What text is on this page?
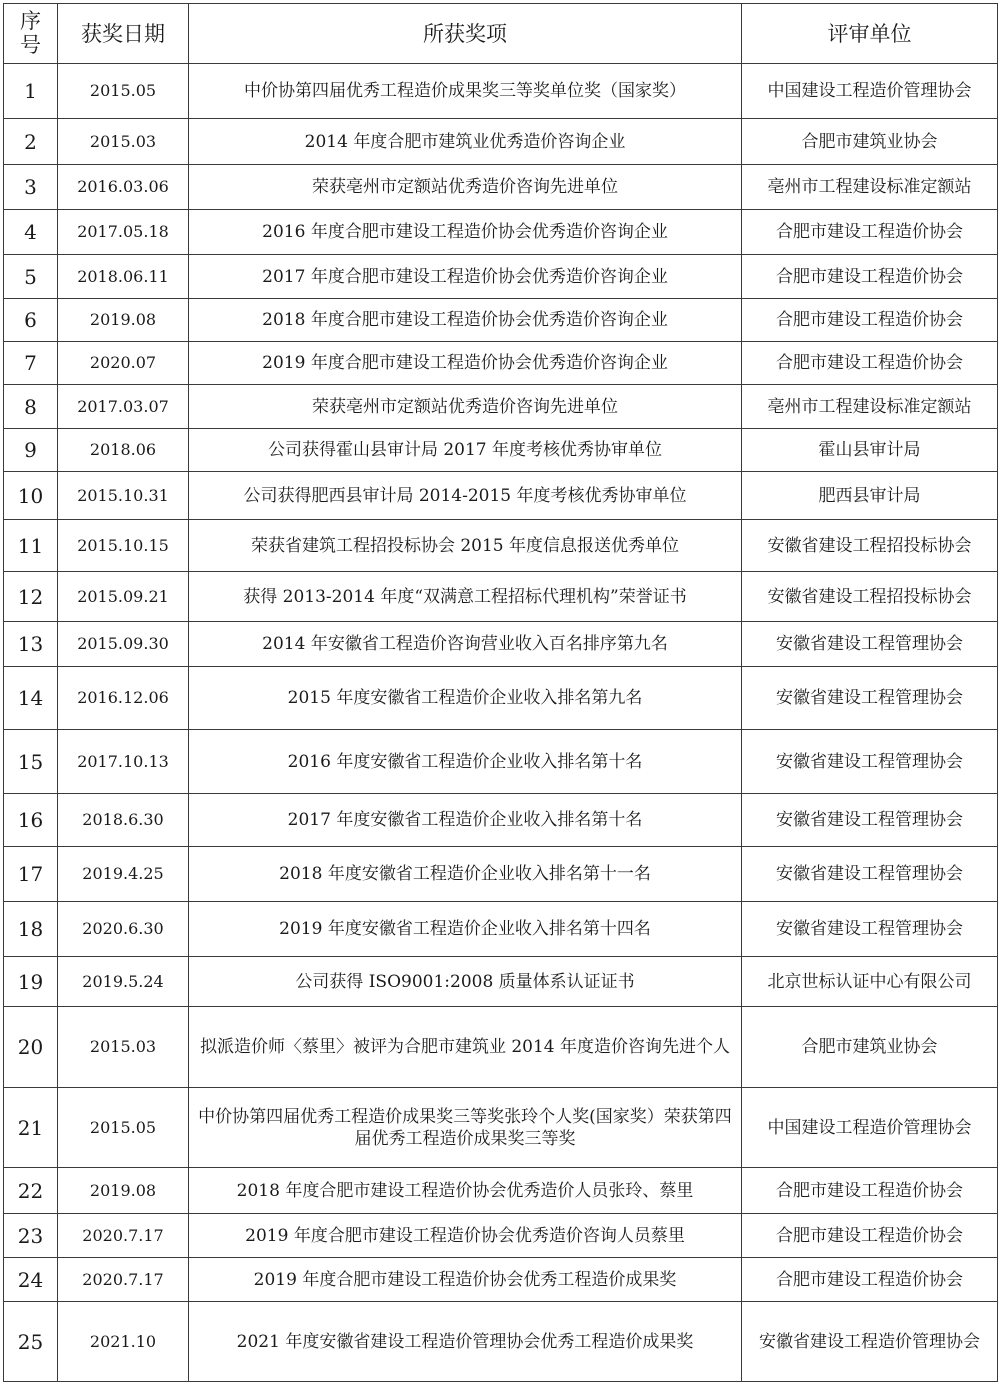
序号	获奖日期	所获奖项	评审单位
1	2015.05	中价协第四届优秀工程造价成果奖三等奖单位奖（国家奖）	中国建设工程造价管理协会
2	2015.03	2014 年度合肥市建筑业优秀造价咨询企业	合肥市建筑业协会
3	2016.03.06	荣获亳州市定额站优秀造价咨询先进单位	亳州市工程建设标准定额站
4	2017.05.18	2016 年度合肥市建设工程造价协会优秀造价咨询企业	合肥市建设工程造价协会
5	2018.06.11	2017 年度合肥市建设工程造价协会优秀造价咨询企业	合肥市建设工程造价协会
6	2019.08	2018 年度合肥市建设工程造价协会优秀造价咨询企业	合肥市建设工程造价协会
7	2020.07	2019 年度合肥市建设工程造价协会优秀造价咨询企业	合肥市建设工程造价协会
8	2017.03.07	荣获亳州市定额站优秀造价咨询先进单位	亳州市工程建设标准定额站
9	2018.06	公司获得霍山县审计局 2017 年度考核优秀协审单位	霍山县审计局
10	2015.10.31	公司获得肥西县审计局 2014-2015 年度考核优秀协审单位	肥西县审计局
11	2015.10.15	荣获省建筑工程招投标协会 2015 年度信息报送优秀单位	安徽省建设工程招投标协会
12	2015.09.21	获得 2013-2014 年度“双满意工程招标代理机构”荣誉证书	安徽省建设工程招投标协会
13	2015.09.30	2014 年安徽省工程造价咨询营业收入百名排序第九名	安徽省建设工程管理协会
14	2016.12.06	2015 年度安徽省工程造价企业收入排名第九名	安徽省建设工程管理协会
15	2017.10.13	2016 年度安徽省工程造价企业收入排名第十名	安徽省建设工程管理协会
16	2018.6.30	2017 年度安徽省工程造价企业收入排名第十名	安徽省建设工程管理协会
17	2019.4.25	2018 年度安徽省工程造价企业收入排名第十一名	安徽省建设工程管理协会
18	2020.6.30	2019 年度安徽省工程造价企业收入排名第十四名	安徽省建设工程管理协会
19	2019.5.24	公司获得 ISO9001:2008 质量体系认证证书	北京世标认证中心有限公司
20	2015.03	拟派造价师〈蔡里〉被评为合肥市建筑业 2014 年度造价咨询先进个人	合肥市建筑业协会
21	2015.05	中价协第四届优秀工程造价成果奖三等奖张玲个人奖(国家奖）荣获第四届优秀工程造价成果奖三等奖	中国建设工程造价管理协会
22	2019.08	2018 年度合肥市建设工程造价协会优秀造价人员张玲、蔡里	合肥市建设工程造价协会
23	2020.7.17	2019 年度合肥市建设工程造价协会优秀造价咨询人员蔡里	合肥市建设工程造价协会
24	2020.7.17	2019 年度合肥市建设工程造价协会优秀工程造价成果奖	合肥市建设工程造价协会
25	2021.10	2021 年度安徽省建设工程造价管理协会优秀工程造价成果奖	安徽省建设工程造价管理协会
